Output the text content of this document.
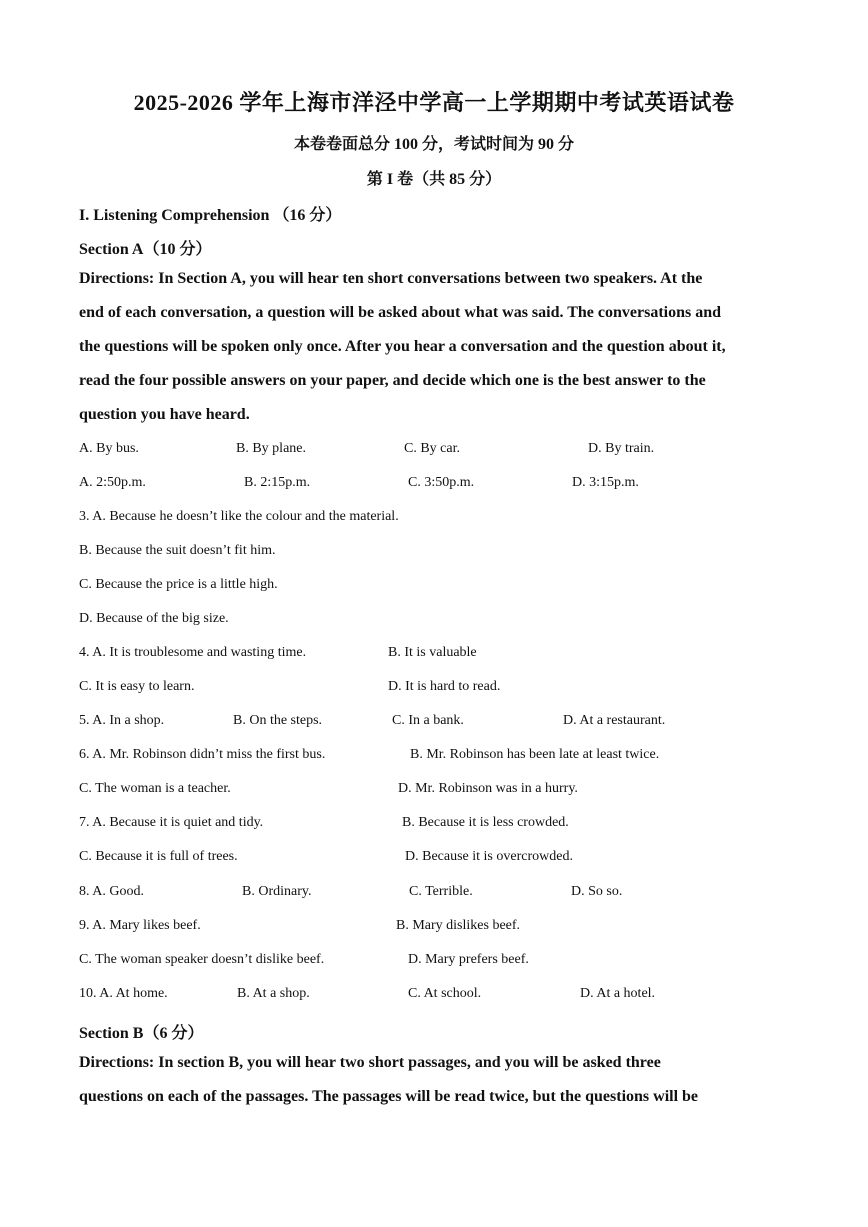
2025-2026 学年上海市洋泾中学高一上学期期中考试英语试卷
本卷卷面总分 100 分，考试时间为 90 分
第 I 卷（共 85 分）
I. Listening Comprehension （16 分）
Section A（10 分）
Directions: In Section A, you will hear ten short conversations between two speakers. At the
end of each conversation, a question will be asked about what was said. The conversations and
the questions will be spoken only once. After you hear a conversation and the question about it,
read the four possible answers on your paper, and decide which one is the best answer to the
question you have heard.
A. By bus.	B. By plane.	C. By car.	D. By train.
A. 2:50p.m.	B. 2:15p.m.	C. 3:50p.m.	D. 3:15p.m.
3. A. Because he doesn’t like the colour and the material.
B. Because the suit doesn’t fit him.
C. Because the price is a little high.
D. Because of the big size.
4. A. It is troublesome and wasting time.	B. It is valuable
C. It is easy to learn.	D. It is hard to read.
5. A. In a shop.	B. On the steps.	C. In a bank.	D. At a restaurant.
6. A. Mr. Robinson didn’t miss the first bus.	B. Mr. Robinson has been late at least twice.
C. The woman is a teacher.	D. Mr. Robinson was in a hurry.
7. A. Because it is quiet and tidy.	B. Because it is less crowded.
C. Because it is full of trees.	D. Because it is overcrowded.
8. A. Good.	B. Ordinary.	C. Terrible.	D. So so.
9. A. Mary likes beef.	B. Mary dislikes beef.
C. The woman speaker doesn’t dislike beef.	D. Mary prefers beef.
10. A. At home.	B. At a shop.	C. At school.	D. At a hotel.
Section B（6 分）
Directions: In section B, you will hear two short passages, and you will be asked three
questions on each of the passages. The passages will be read twice, but the questions will be
